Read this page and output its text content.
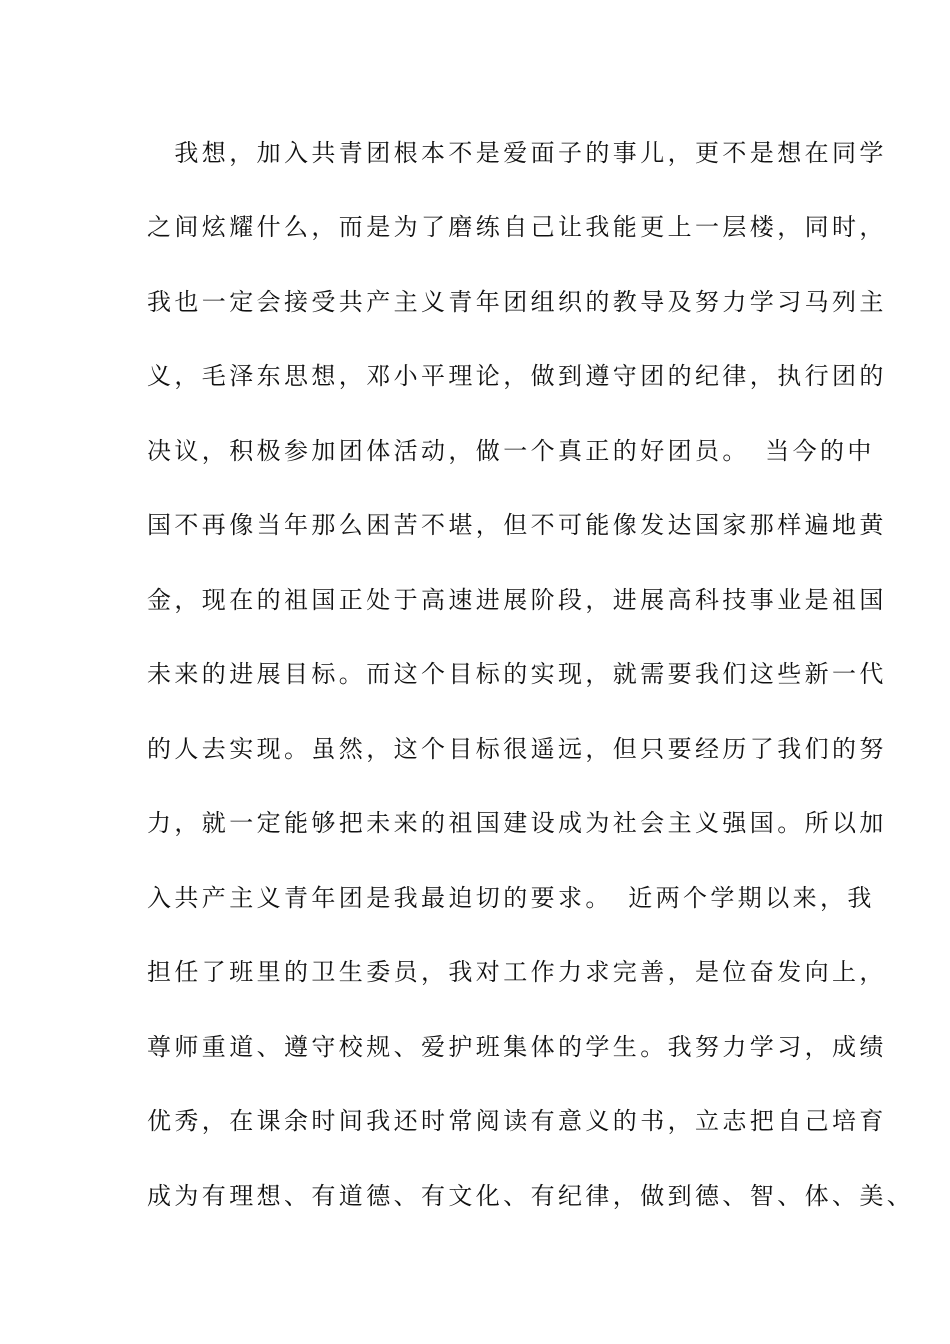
　我想，加入共青团根本不是爱面子的事儿，更不是想在同学
之间炫耀什么，而是为了磨练自己让我能更上一层楼，同时，
我也一定会接受共产主义青年团组织的教导及努力学习马列主
义，毛泽东思想，邓小平理论，做到遵守团的纪律，执行团的
决议，积极参加团体活动，做一个真正的好团员。　当今的中
国不再像当年那么困苦不堪，但不可能像发达国家那样遍地黄
金，现在的祖国正处于高速进展阶段，进展高科技事业是祖国
未来的进展目标。而这个目标的实现，就需要我们这些新一代
的人去实现。虽然，这个目标很遥远，但只要经历了我们的努
力，就一定能够把未来的祖国建设成为社会主义强国。所以加
入共产主义青年团是我最迫切的要求。　近两个学期以来，我
担任了班里的卫生委员，我对工作力求完善，是位奋发向上，
尊师重道、遵守校规、爱护班集体的学生。我努力学习，成绩
优秀，在课余时间我还时常阅读有意义的书，立志把自己培育
成为有理想、有道德、有文化、有纪律，做到德、智、体、美、
